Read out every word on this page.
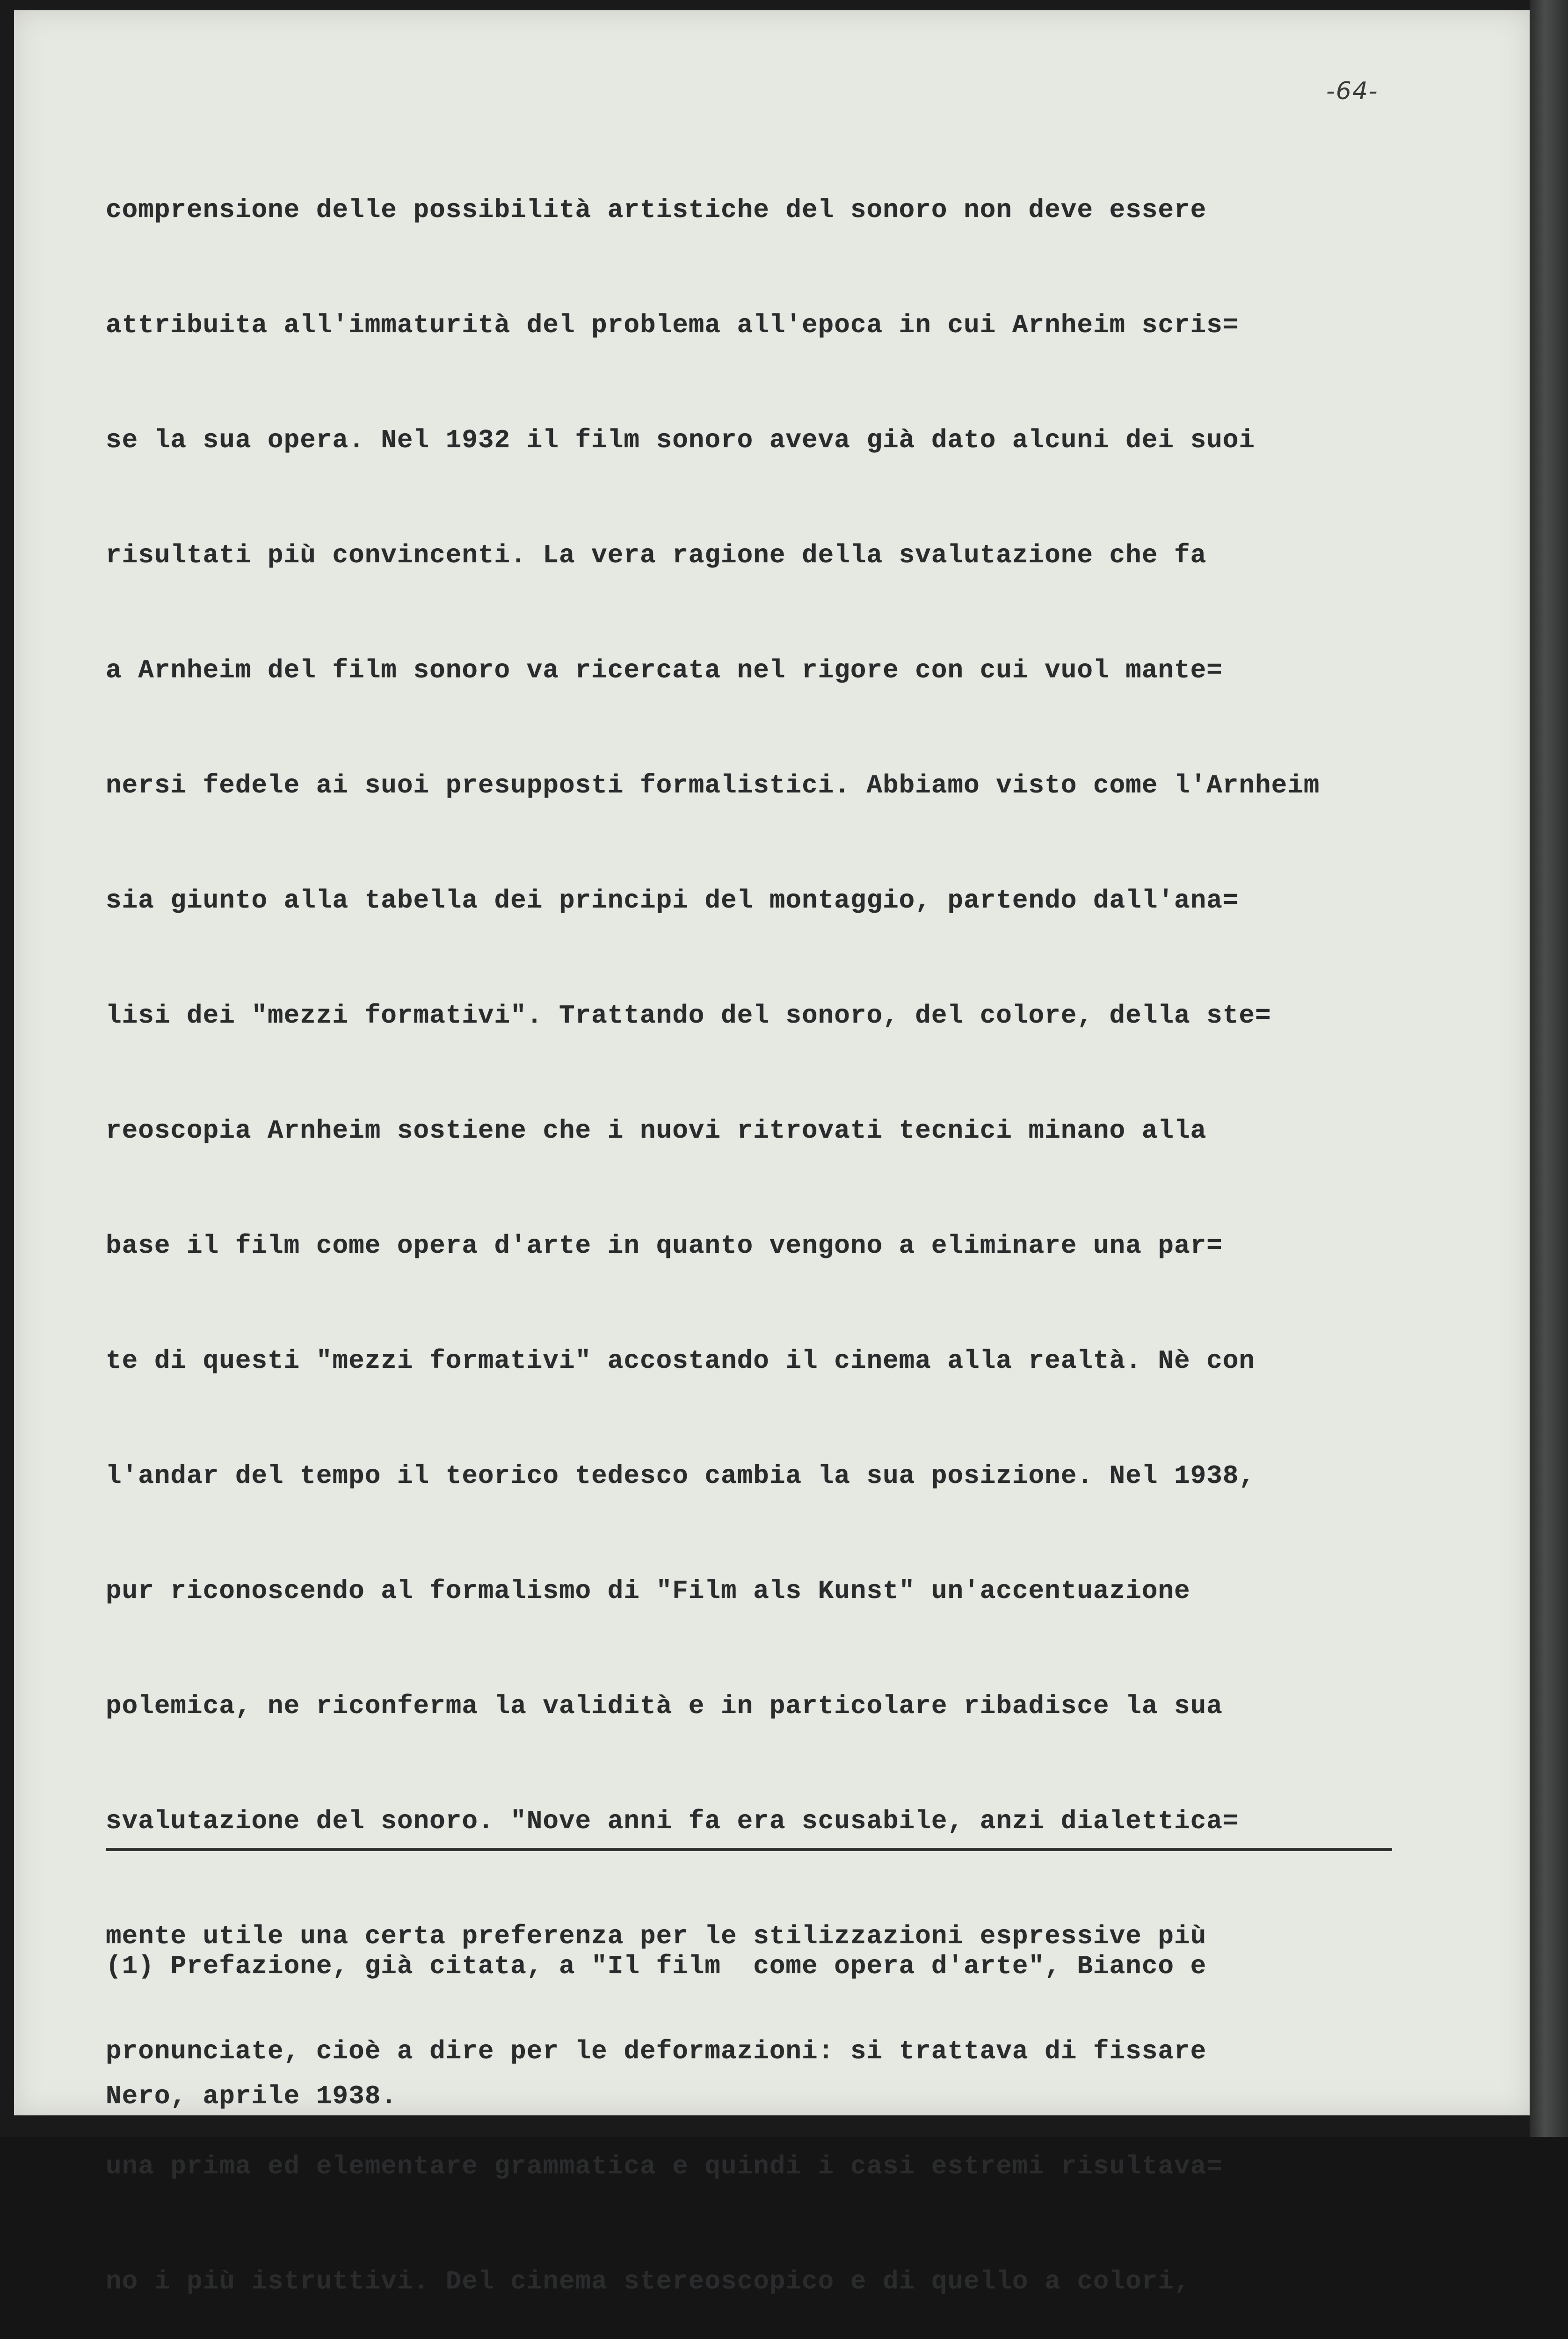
-64-

comprensione delle possibilità artistiche del sonoro non deve essere

attribuita all'immaturità del problema all'epoca in cui Arnheim scris=

se la sua opera. Nel 1932 il film sonoro aveva già dato alcuni dei suoi

risultati più convincenti. La vera ragione della svalutazione che fa

a Arnheim del film sonoro va ricercata nel rigore con cui vuol mante=

nersi fedele ai suoi presupposti formalistici. Abbiamo visto come l'Arnheim

sia giunto alla tabella dei principi del montaggio, partendo dall'ana=

lisi dei "mezzi formativi". Trattando del sonoro, del colore, della ste=

reoscopia Arnheim sostiene che i nuovi ritrovati tecnici minano alla

base il film come opera d'arte in quanto vengono a eliminare una par=

te di questi "mezzi formativi" accostando il cinema alla realtà. Nè con

l'andar del tempo il teorico tedesco cambia la sua posizione. Nel 1938,

pur riconoscendo al formalismo di "Film als Kunst" un'accentuazione

polemica, ne riconferma la validità e in particolare ribadisce la sua

svalutazione del sonoro. "Nove anni fa era scusabile, anzi dialettica=

mente utile una certa preferenza per le stilizzazioni espressive più

pronunciate, cioè a dire per le deformazioni: si trattava di fissare

una prima ed elementare grammatica e quindi i casi estremi risultava=

no i più istruttivi. Del cinema stereoscopico e di quello a colori,

(1) Prefazione, già citata, a "Il film  come opera d'arte", Bianco e

Nero, aprile 1938.
